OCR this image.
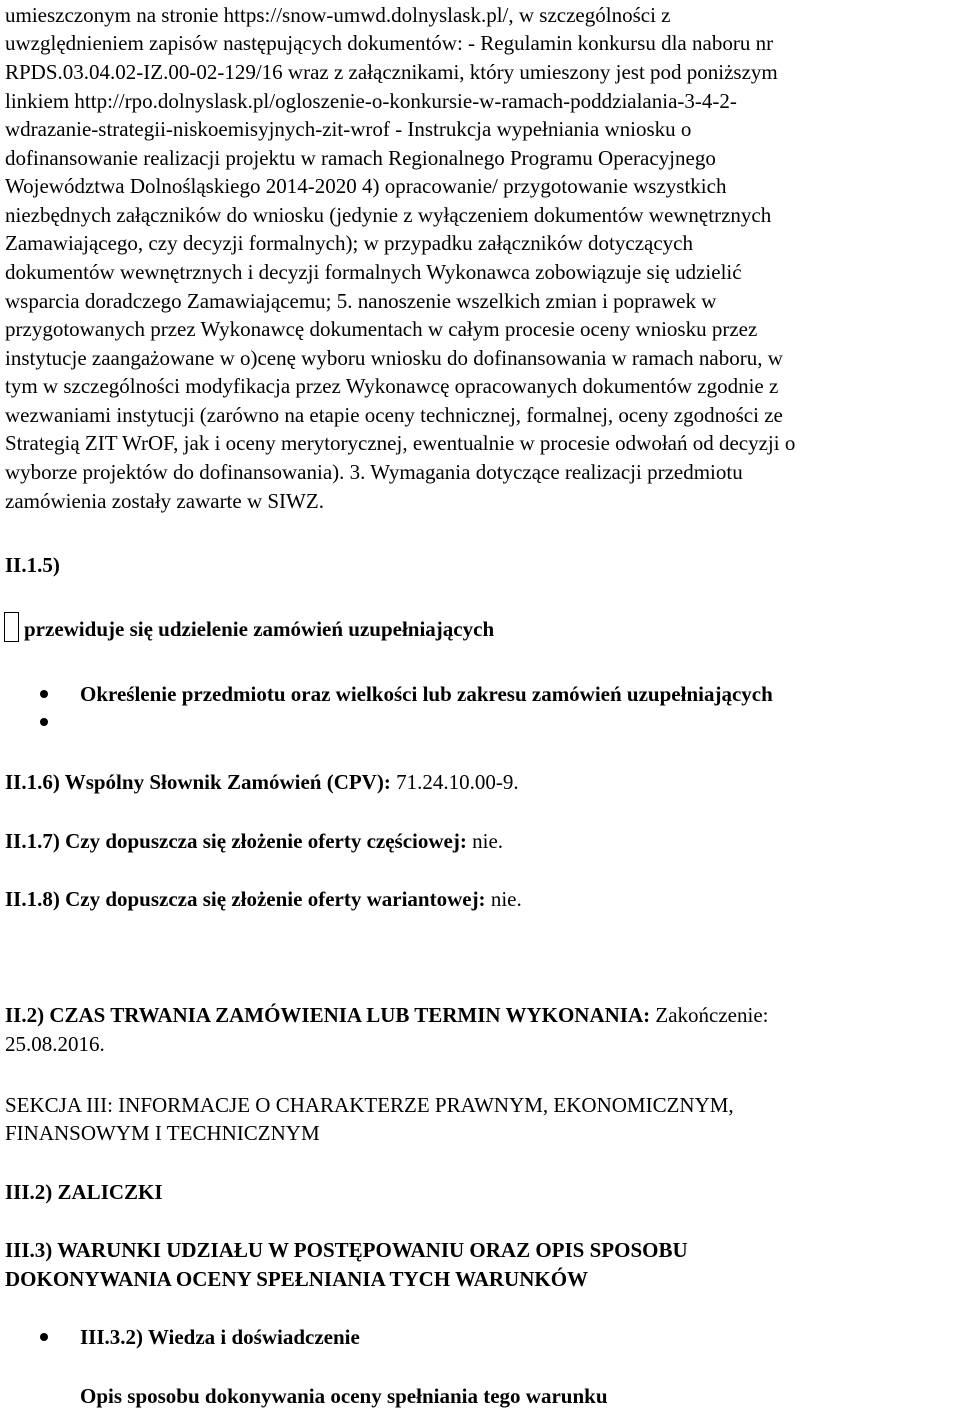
umieszczonym na stronie https://snow-umwd.dolnyslask.pl/, w szczególności z
uwzględnieniem zapisów następujących dokumentów: - Regulamin konkursu dla naboru nr
RPDS.03.04.02-IZ.00-02-129/16 wraz z załącznikami, który umieszony jest pod poniższym
linkiem http://rpo.dolnyslask.pl/ogloszenie-o-konkursie-w-ramach-poddzialania-3-4-2-
wdrazanie-strategii-niskoemisyjnych-zit-wrof - Instrukcja wypełniania wniosku o
dofinansowanie realizacji projektu w ramach Regionalnego Programu Operacyjnego
Województwa Dolnośląskiego 2014-2020 4) opracowanie/ przygotowanie wszystkich
niezbędnych załączników do wniosku (jedynie z wyłączeniem dokumentów wewnętrznych
Zamawiającego, czy decyzji formalnych); w przypadku załączników dotyczących
dokumentów wewnętrznych i decyzji formalnych Wykonawca zobowiązuje się udzielić
wsparcia doradczego Zamawiającemu; 5. nanoszenie wszelkich zmian i poprawek w
przygotowanych przez Wykonawcę dokumentach w całym procesie oceny wniosku przez
instytucje zaangażowane w o)cenę wyboru wniosku do dofinansowania w ramach naboru, w
tym w szczególności modyfikacja przez Wykonawcę opracowanych dokumentów zgodnie z
wezwaniami instytucji (zarówno na etapie oceny technicznej, formalnej, oceny zgodności ze
Strategią ZIT WrOF, jak i oceny merytorycznej, ewentualnie w procesie odwołań od decyzji o
wyborze projektów do dofinansowania). 3. Wymagania dotyczące realizacji przedmiotu
zamówienia zostały zawarte w SIWZ.
II.1.5)
przewiduje się udzielenie zamówień uzupełniających
Określenie przedmiotu oraz wielkości lub zakresu zamówień uzupełniających
II.1.6) Wspólny Słownik Zamówień (CPV): 71.24.10.00-9.
II.1.7) Czy dopuszcza się złożenie oferty częściowej: nie.
II.1.8) Czy dopuszcza się złożenie oferty wariantowej: nie.
II.2) CZAS TRWANIA ZAMÓWIENIA LUB TERMIN WYKONANIA: Zakończenie:
25.08.2016.
SEKCJA III: INFORMACJE O CHARAKTERZE PRAWNYM, EKONOMICZNYM,
FINANSOWYM I TECHNICZNYM
III.2) ZALICZKI
III.3) WARUNKI UDZIAŁU W POSTĘPOWANIU ORAZ OPIS SPOSOBU
DOKONYWANIA OCENY SPEŁNIANIA TYCH WARUNKÓW
III.3.2) Wiedza i doświadczenie
Opis sposobu dokonywania oceny spełniania tego warunku
